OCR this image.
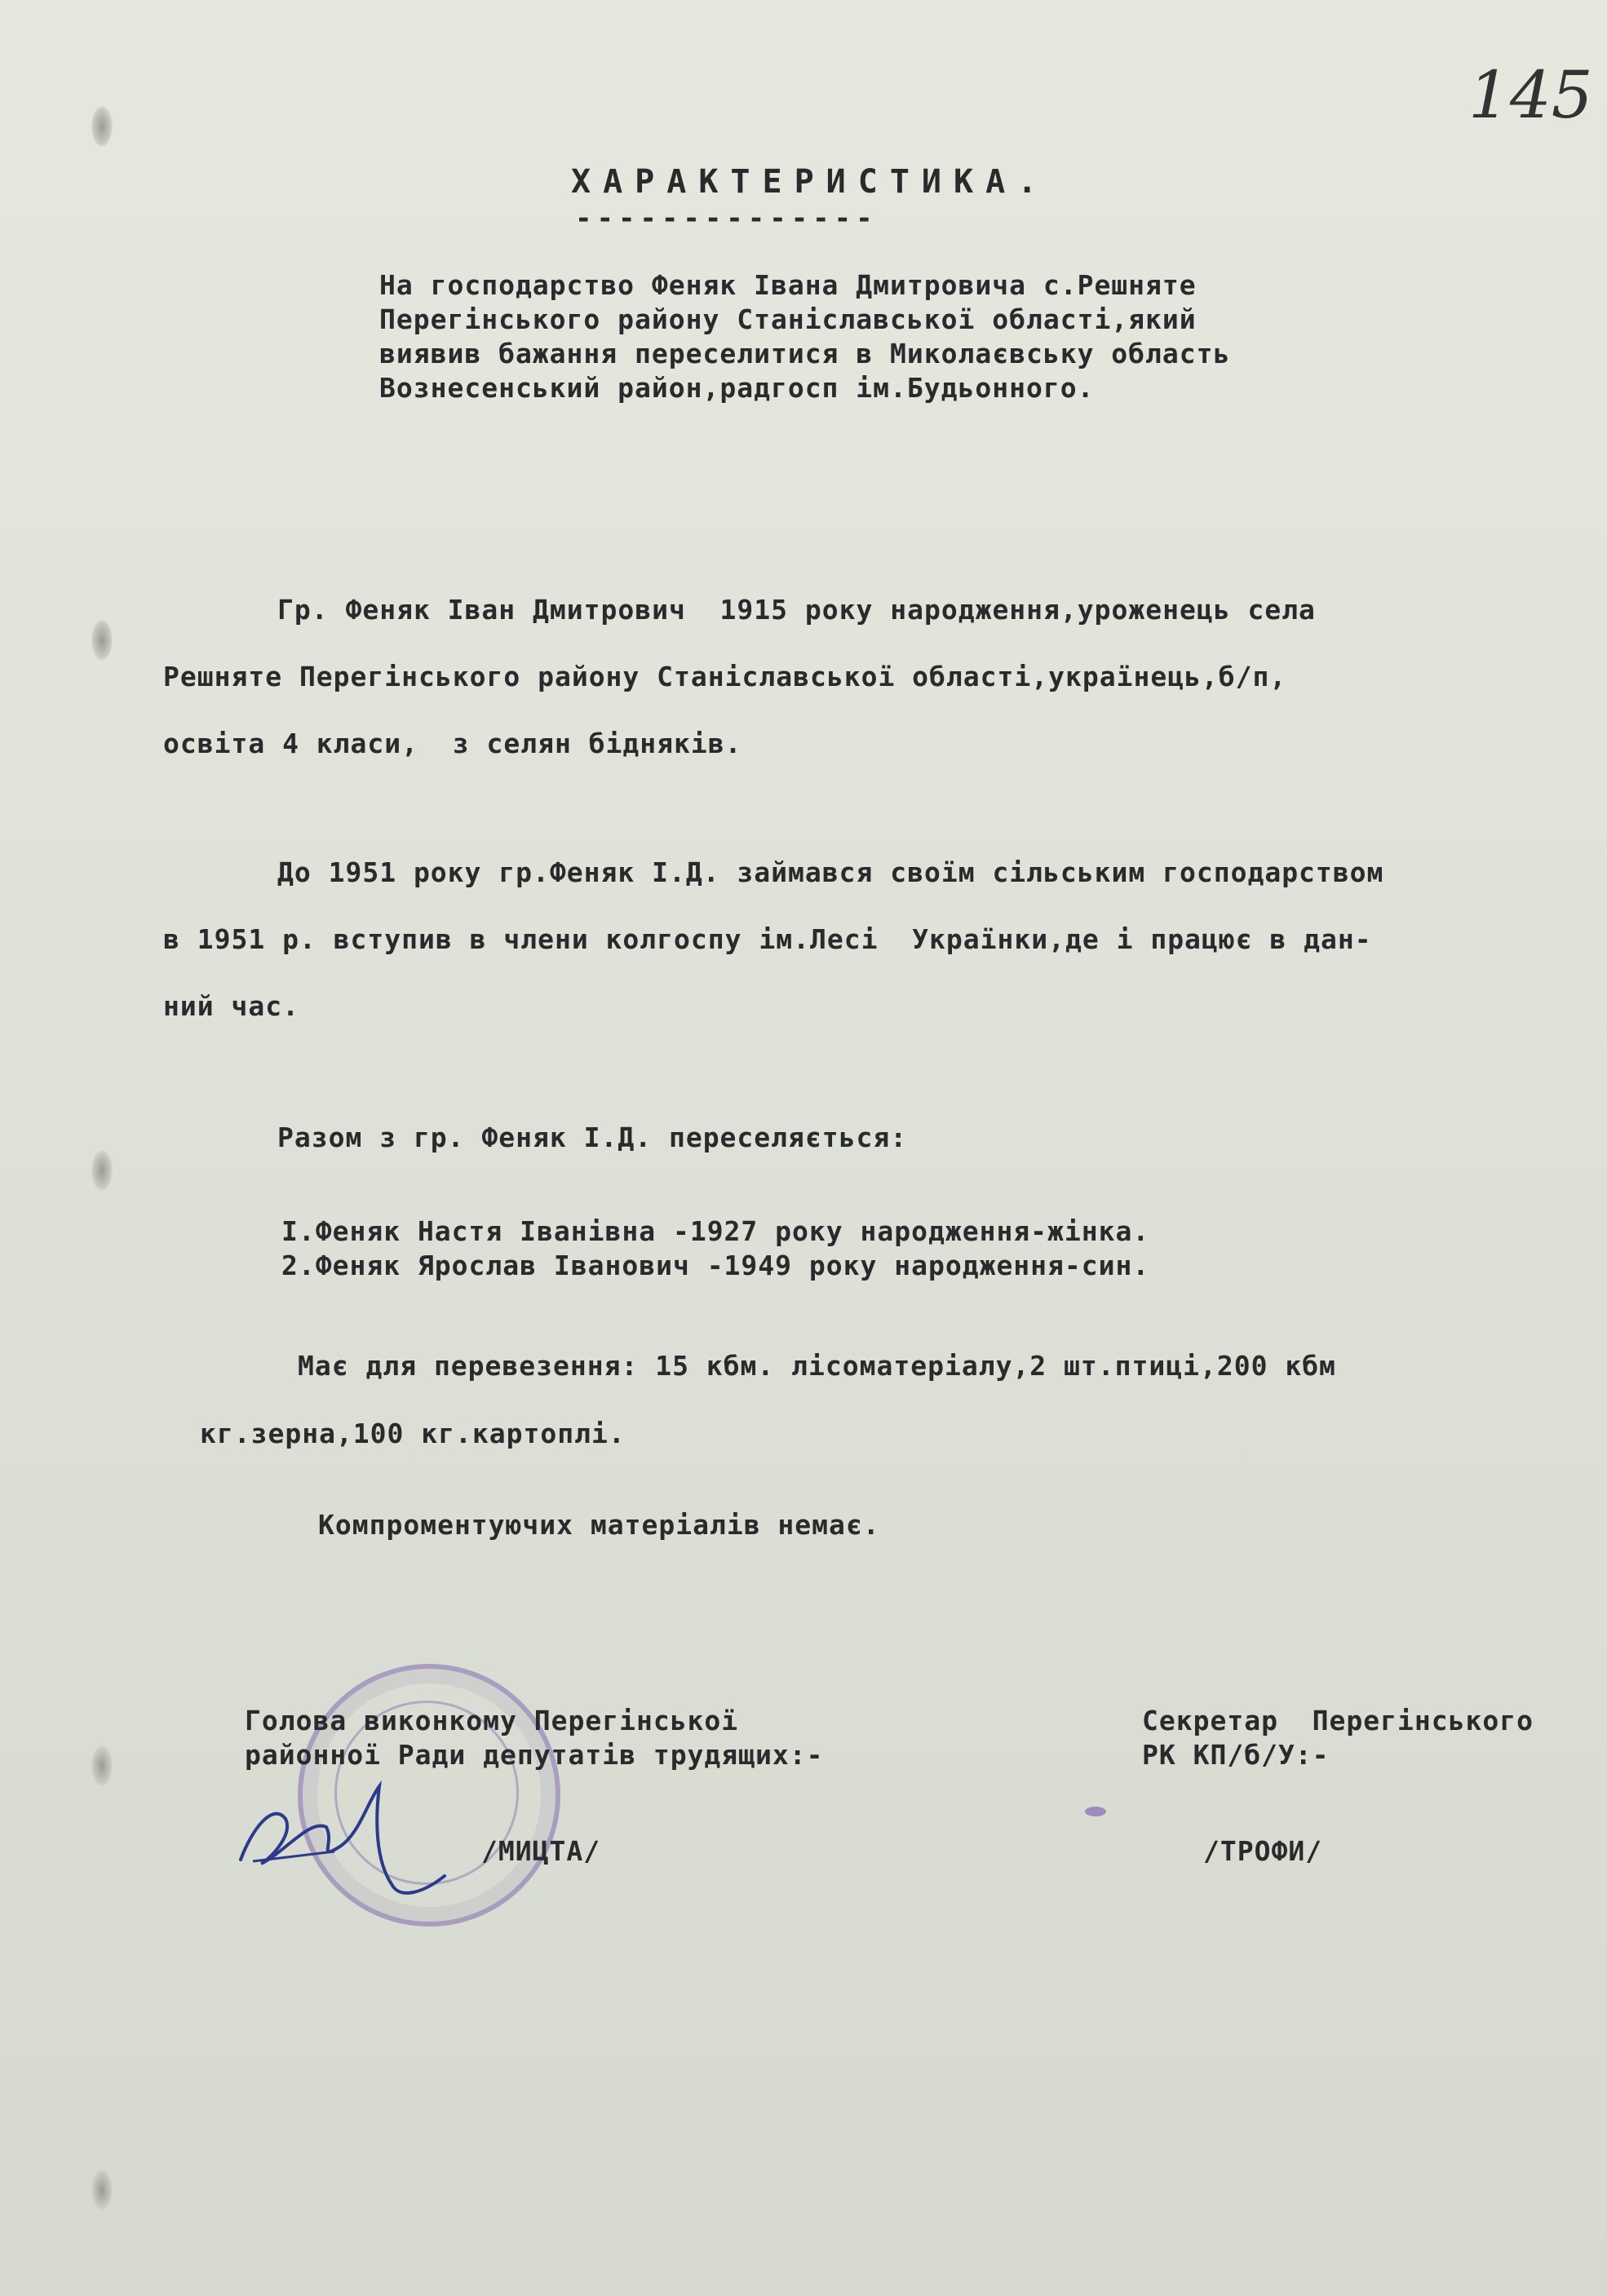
145
ХАРАКТЕРИСТИКА.
--------------
На господарство Феняк Івана Дмитровича с.Решняте
Перегінського району Станіславської області,який
виявив бажання переселитися в Миколаєвську область
Вознесенський район,радгосп ім.Будьонного.
Гр. Феняк Іван Дмитрович  1915 року народження,уроженець села
Решняте Перегінського району Станіславської області,українець,б/п,
освіта 4 класи,  з селян бідняків.
До 1951 року гр.Феняк І.Д. займався своїм сільським господарством
в 1951 р. вступив в члени колгоспу ім.Лесі  Українки,де і працює в дан-
ний час.
Разом з гр. Феняк І.Д. переселяється:
І.Феняк Настя Іванівна -1927 року народження-жінка.
2.Феняк Ярослав Іванович -1949 року народження-син.
Має для перевезення: 15 кбм. лісоматеріалу,2 шт.птиці,200 кбм
кг.зерна,100 кг.картоплі.
Компроментуючих матеріалів немає.
Голова виконкому Перегінської
районної Ради депутатів трудящих:-
/МИЦТА/
Секретар  Перегінського
РК КП/б/У:-
/ТРОФИ/
